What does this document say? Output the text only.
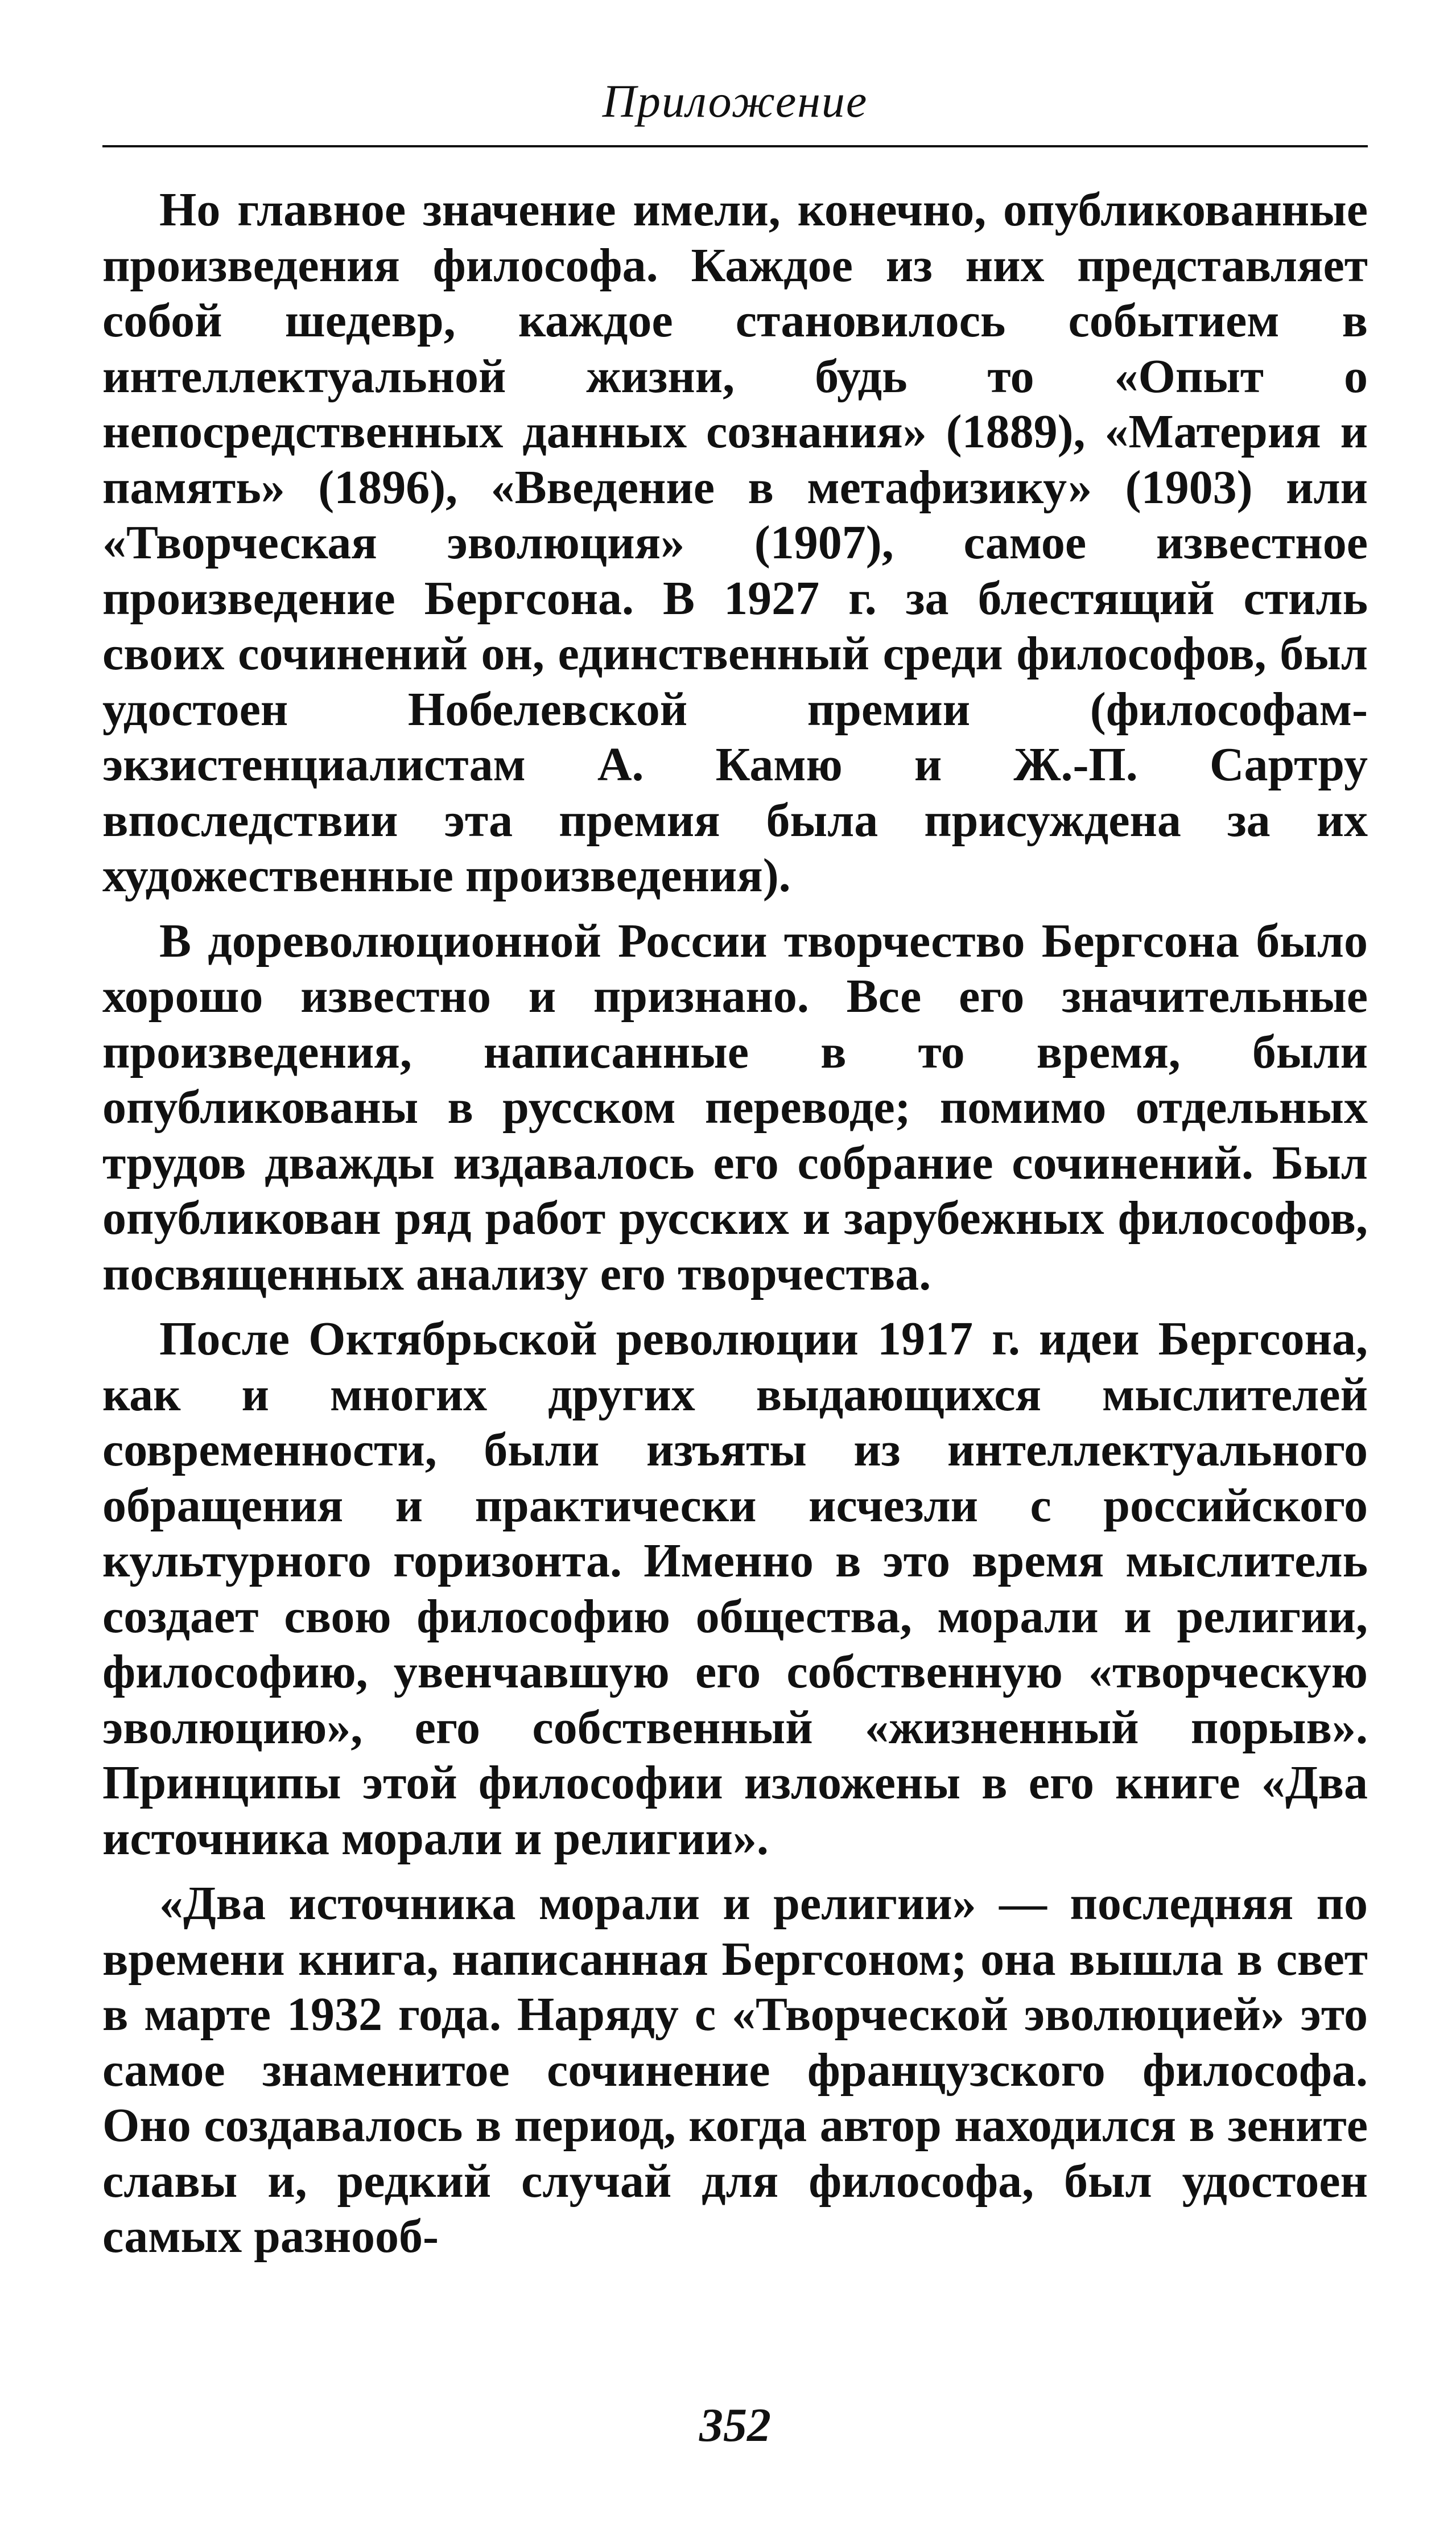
Приложение

Но главное значение имели, конечно, опубликованные произведения философа. Каждое из них представляет собой шедевр, каждое становилось событием в интеллектуальной жизни, будь то «Опыт о непосредственных данных сознания» (1889), «Материя и память» (1896), «Введение в метафизику» (1903) или «Творческая эволюция» (1907), самое известное произведение Бергсона. В 1927 г. за блестящий стиль своих сочинений он, единственный среди философов, был удостоен Нобелевской премии (философам-экзистенциалистам А. Камю и Ж.-П. Сартру впоследствии эта премия была присуждена за их художественные произведения).

В дореволюционной России творчество Бергсона было хорошо известно и признано. Все его значительные произведения, написанные в то время, были опубликованы в русском переводе; помимо отдельных трудов дважды издавалось его собрание сочинений. Был опубликован ряд работ русских и зарубежных философов, посвященных анализу его творчества.

После Октябрьской революции 1917 г. идеи Бергсона, как и многих других выдающихся мыслителей современности, были изъяты из интеллектуального обращения и практически исчезли с российского культурного горизонта. Именно в это время мыслитель создает свою философию общества, морали и религии, философию, увенчавшую его собственную «творческую эволюцию», его собственный «жизненный порыв». Принципы этой философии изложены в его книге «Два источника морали и религии».

«Два источника морали и религии» — последняя по времени книга, написанная Бергсоном; она вышла в свет в марте 1932 года. Наряду с «Творческой эволюцией» это самое знаменитое сочинение французского философа. Оно создавалось в период, когда автор находился в зените славы и, редкий случай для философа, был удостоен самых разнооб-

352
